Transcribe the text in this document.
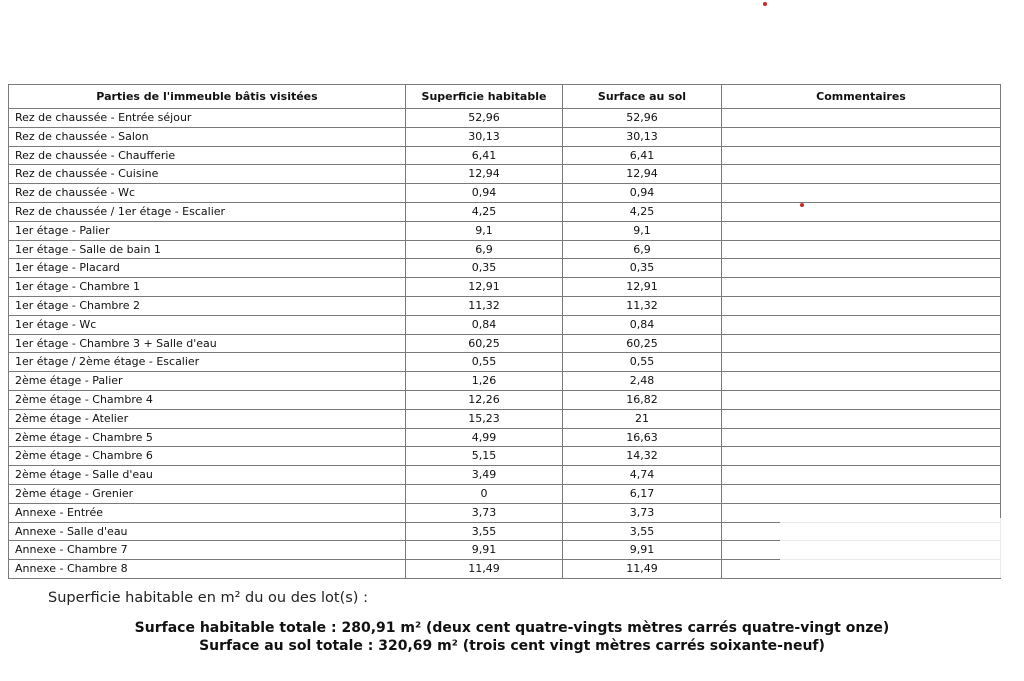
Parties de l'immeuble bâtis visitées	Superficie habitable	Surface au sol	Commentaires
Rez de chaussée - Entrée séjour	52,96	52,96	
Rez de chaussée - Salon	30,13	30,13	
Rez de chaussée - Chaufferie	6,41	6,41	
Rez de chaussée - Cuisine	12,94	12,94	
Rez de chaussée - Wc	0,94	0,94	
Rez de chaussée / 1er étage - Escalier	4,25	4,25	
1er étage - Palier	9,1	9,1	
1er étage - Salle de bain 1	6,9	6,9	
1er étage - Placard	0,35	0,35	
1er étage - Chambre 1	12,91	12,91	
1er étage - Chambre 2	11,32	11,32	
1er étage - Wc	0,84	0,84	
1er étage - Chambre 3 + Salle d'eau	60,25	60,25	
1er étage / 2ème étage - Escalier	0,55	0,55	
2ème étage - Palier	1,26	2,48	
2ème étage - Chambre 4	12,26	16,82	
2ème étage - Atelier	15,23	21	
2ème étage - Chambre 5	4,99	16,63	
2ème étage - Chambre 6	5,15	14,32	
2ème étage - Salle d'eau	3,49	4,74	
2ème étage - Grenier	0	6,17	
Annexe - Entrée	3,73	3,73	
Annexe - Salle d'eau	3,55	3,55	
Annexe - Chambre 7	9,91	9,91	
Annexe - Chambre 8	11,49	11,49	
Superficie habitable en m² du ou des lot(s) :
Surface habitable totale : 280,91 m² (deux cent quatre-vingts mètres carrés quatre-vingt onze)
Surface au sol totale : 320,69 m² (trois cent vingt mètres carrés soixante-neuf)
